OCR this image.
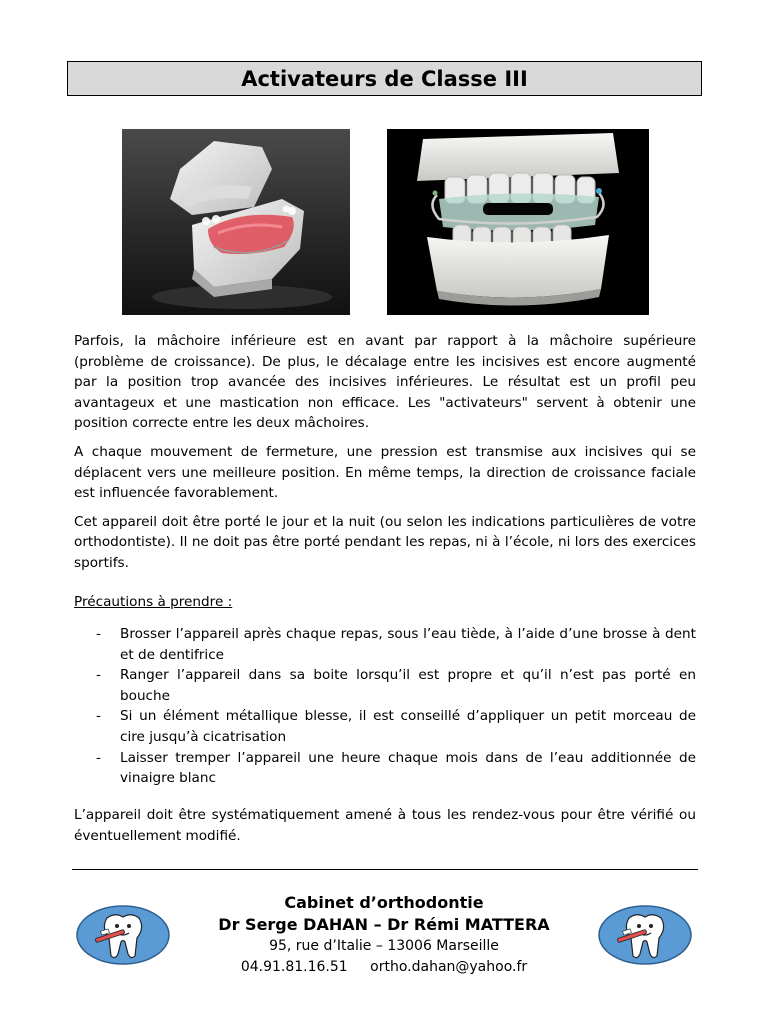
Activateurs de Classe III

Parfois, la mâchoire inférieure est en avant par rapport à la mâchoire supérieure (problème de croissance). De plus, le décalage entre les incisives est encore augmenté par la position trop avancée des incisives inférieures. Le résultat est un profil peu avantageux et une mastication non efficace. Les "activateurs" servent à obtenir une position correcte entre les deux mâchoires.

A chaque mouvement de fermeture, une pression est transmise aux incisives qui se déplacent vers une meilleure position. En même temps, la direction de croissance faciale est influencée favorablement.

Cet appareil doit être porté le jour et la nuit (ou selon les indications particulières de votre orthodontiste). Il ne doit pas être porté pendant les repas, ni à l’école, ni lors des exercices sportifs.

Précautions à prendre :
- Brosser l’appareil après chaque repas, sous l’eau tiède, à l’aide d’une brosse à dent et de dentifrice
- Ranger l’appareil dans sa boite lorsqu’il est propre et qu’il n’est pas porté en bouche
- Si un élément métallique blesse, il est conseillé d’appliquer un petit morceau de cire jusqu’à cicatrisation
- Laisser tremper l’appareil une heure chaque mois dans de l’eau additionnée de vinaigre blanc

L’appareil doit être systématiquement amené à tous les rendez-vous pour être vérifié ou éventuellement modifié.

Cabinet d’orthodontie
Dr Serge DAHAN – Dr Rémi MATTERA
95, rue d’Italie – 13006 Marseille
04.91.81.16.51 ortho.dahan@yahoo.fr
